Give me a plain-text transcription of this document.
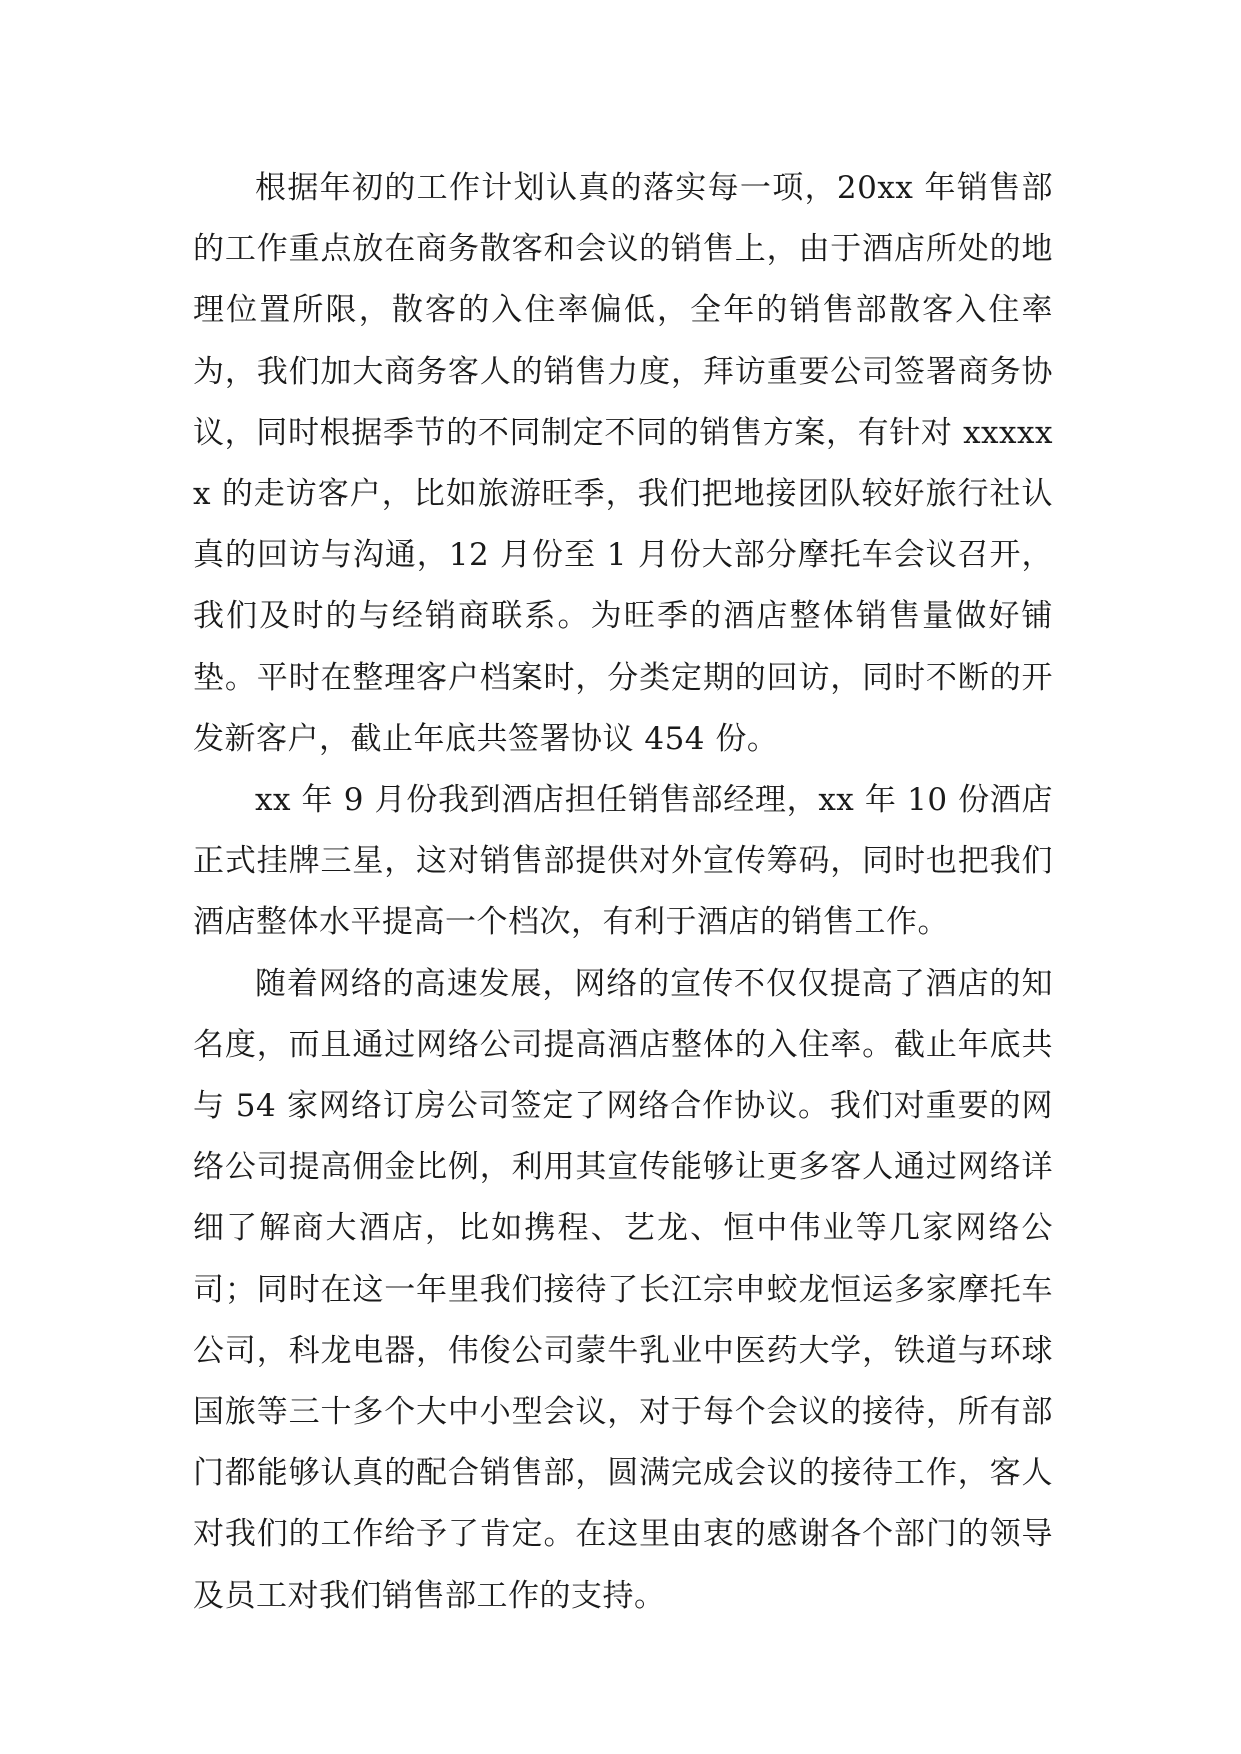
根据年初的工作计划认真的落实每一项，20xx 年销售部的工作重点放在商务散客和会议的销售上，由于酒店所处的地理位置所限，散客的入住率偏低，全年的销售部散客入住率为，我们加大商务客人的销售力度，拜访重要公司签署商务协议，同时根据季节的不同制定不同的销售方案，有针对 xxxxxx 的走访客户，比如旅游旺季，我们把地接团队较好旅行社认真的回访与沟通，12 月份至 1 月份大部分摩托车会议召开，我们及时的与经销商联系。为旺季的酒店整体销售量做好铺垫。平时在整理客户档案时，分类定期的回访，同时不断的开发新客户，截止年底共签署协议 454 份。

xx 年 9 月份我到酒店担任销售部经理，xx 年 10 份酒店正式挂牌三星，这对销售部提供对外宣传筹码，同时也把我们酒店整体水平提高一个档次，有利于酒店的销售工作。

随着网络的高速发展，网络的宣传不仅仅提高了酒店的知名度，而且通过网络公司提高酒店整体的入住率。截止年底共与 54 家网络订房公司签定了网络合作协议。我们对重要的网络公司提高佣金比例，利用其宣传能够让更多客人通过网络详细了解商大酒店，比如携程、艺龙、恒中伟业等几家网络公司；同时在这一年里我们接待了长江宗申蛟龙恒运多家摩托车公司，科龙电器，伟俊公司蒙牛乳业中医药大学，铁道与环球国旅等三十多个大中小型会议，对于每个会议的接待，所有部门都能够认真的配合销售部，圆满完成会议的接待工作，客人对我们的工作给予了肯定。在这里由衷的感谢各个部门的领导及员工对我们销售部工作的支持。
